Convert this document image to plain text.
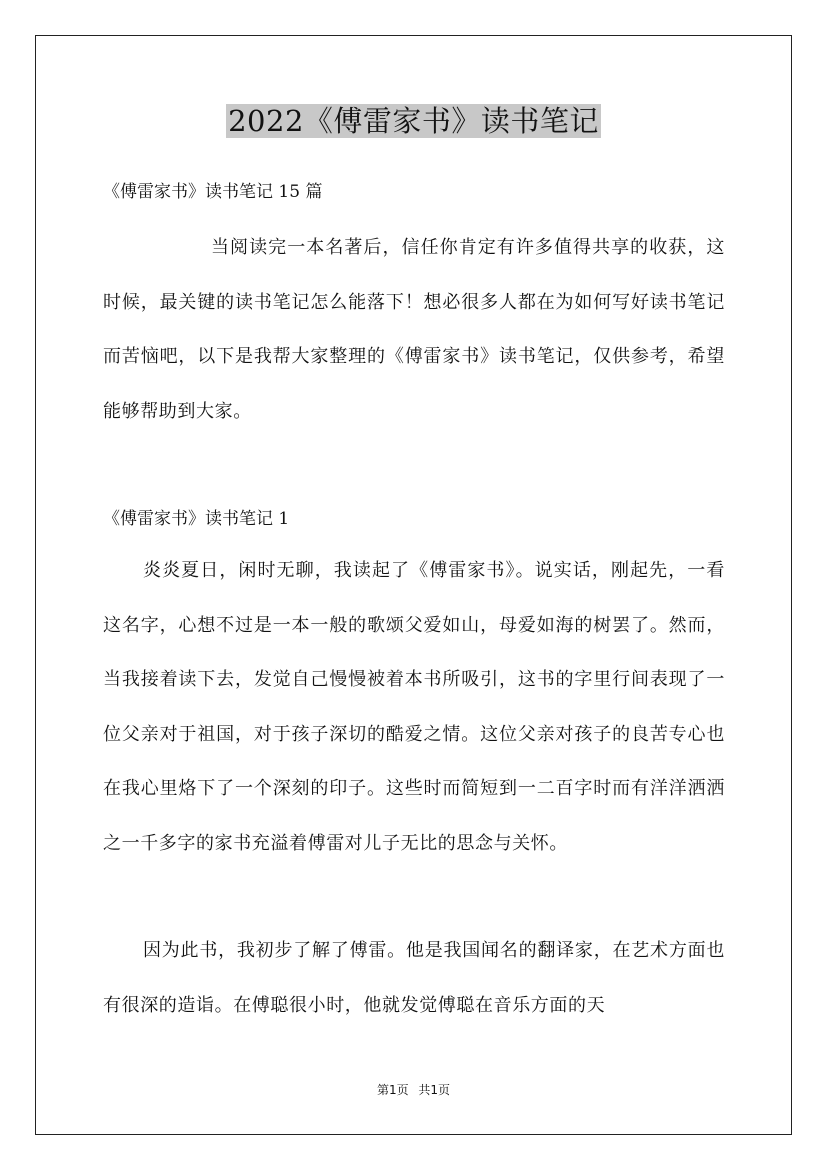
2022《傅雷家书》读书笔记
《傅雷家书》读书笔记 15 篇
当阅读完一本名著后，信任你肯定有许多值得共享的收获，这时候，最关键的读书笔记怎么能落下！想必很多人都在为如何写好读书笔记而苦恼吧，以下是我帮大家整理的《傅雷家书》读书笔记，仅供参考，希望能够帮助到大家。
《傅雷家书》读书笔记 1
炎炎夏日，闲时无聊，我读起了《傅雷家书》。说实话，刚起先，一看这名字，心想不过是一本一般的歌颂父爱如山，母爱如海的树罢了。然而，当我接着读下去，发觉自己慢慢被着本书所吸引，这书的字里行间表现了一位父亲对于祖国，对于孩子深切的酷爱之情。这位父亲对孩子的良苦专心也在我心里烙下了一个深刻的印子。这些时而简短到一二百字时而有洋洋洒洒之一千多字的家书充溢着傅雷对儿子无比的思念与关怀。
因为此书，我初步了解了傅雷。他是我国闻名的翻译家，在艺术方面也有很深的造诣。在傅聪很小时，他就发觉傅聪在音乐方面的天
第1页 共1页
